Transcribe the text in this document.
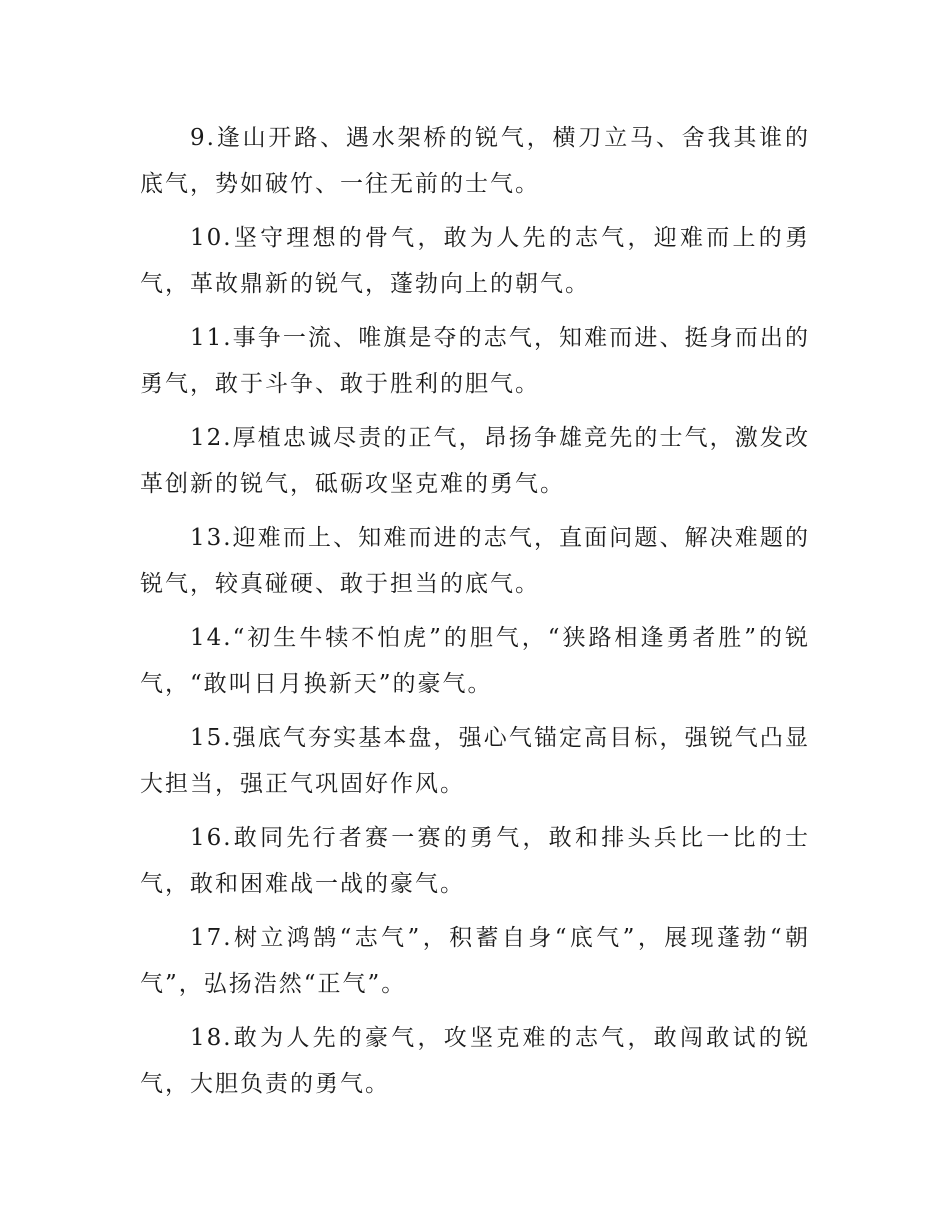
9.逢山开路、遇水架桥的锐气，横刀立马、舍我其谁的底气，势如破竹、一往无前的士气。

10.坚守理想的骨气，敢为人先的志气，迎难而上的勇气，革故鼎新的锐气，蓬勃向上的朝气。

11.事争一流、唯旗是夺的志气，知难而进、挺身而出的勇气，敢于斗争、敢于胜利的胆气。

12.厚植忠诚尽责的正气，昂扬争雄竞先的士气，激发改革创新的锐气，砥砺攻坚克难的勇气。

13.迎难而上、知难而进的志气，直面问题、解决难题的锐气，较真碰硬、敢于担当的底气。

14.“初生牛犊不怕虎”的胆气，“狭路相逢勇者胜”的锐气，“敢叫日月换新天”的豪气。

15.强底气夯实基本盘，强心气锚定高目标，强锐气凸显大担当，强正气巩固好作风。

16.敢同先行者赛一赛的勇气，敢和排头兵比一比的士气，敢和困难战一战的豪气。

17.树立鸿鹄“志气”，积蓄自身“底气”，展现蓬勃“朝气”，弘扬浩然“正气”。

18.敢为人先的豪气，攻坚克难的志气，敢闯敢试的锐气，大胆负责的勇气。
